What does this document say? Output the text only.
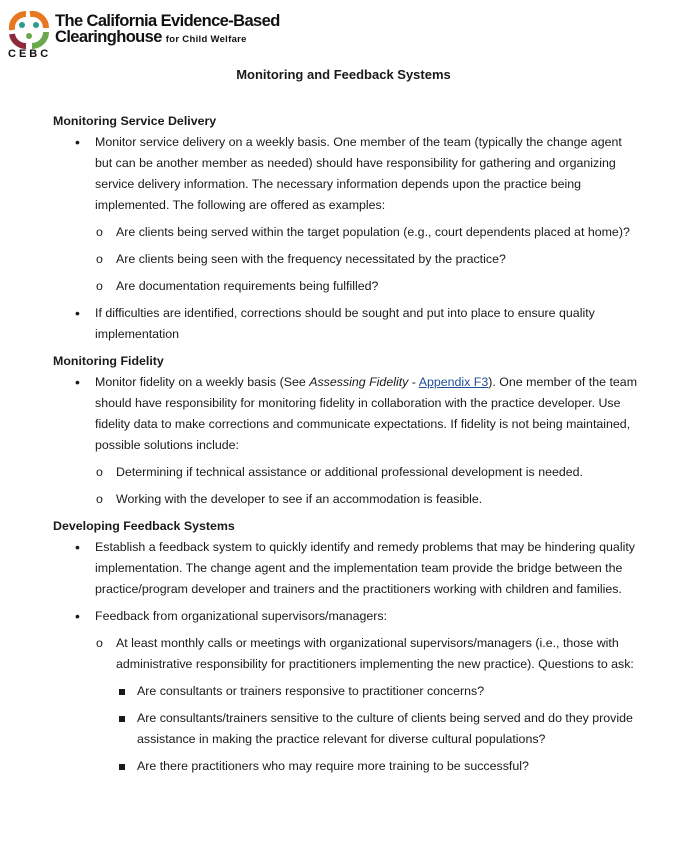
The California Evidence-Based
Clearinghouse for Child Welfare
CEBC
Monitoring and Feedback Systems
Monitoring Service Delivery
• Monitor service delivery on a weekly basis. One member of the team (typically the change agent but can be another member as needed) should have responsibility for gathering and organizing service delivery information. The necessary information depends upon the practice being implemented. The following are offered as examples:
o Are clients being served within the target population (e.g., court dependents placed at home)?
o Are clients being seen with the frequency necessitated by the practice?
o Are documentation requirements being fulfilled?
• If difficulties are identified, corrections should be sought and put into place to ensure quality implementation
Monitoring Fidelity
• Monitor fidelity on a weekly basis (See Assessing Fidelity - Appendix F3). One member of the team should have responsibility for monitoring fidelity in collaboration with the practice developer. Use fidelity data to make corrections and communicate expectations. If fidelity is not being maintained, possible solutions include:
o Determining if technical assistance or additional professional development is needed.
o Working with the developer to see if an accommodation is feasible.
Developing Feedback Systems
• Establish a feedback system to quickly identify and remedy problems that may be hindering quality implementation. The change agent and the implementation team provide the bridge between the practice/program developer and trainers and the practitioners working with children and families.
• Feedback from organizational supervisors/managers:
o At least monthly calls or meetings with organizational supervisors/managers (i.e., those with administrative responsibility for practitioners implementing the new practice). Questions to ask:
Are consultants or trainers responsive to practitioner concerns?
Are consultants/trainers sensitive to the culture of clients being served and do they provide assistance in making the practice relevant for diverse cultural populations?
Are there practitioners who may require more training to be successful?
